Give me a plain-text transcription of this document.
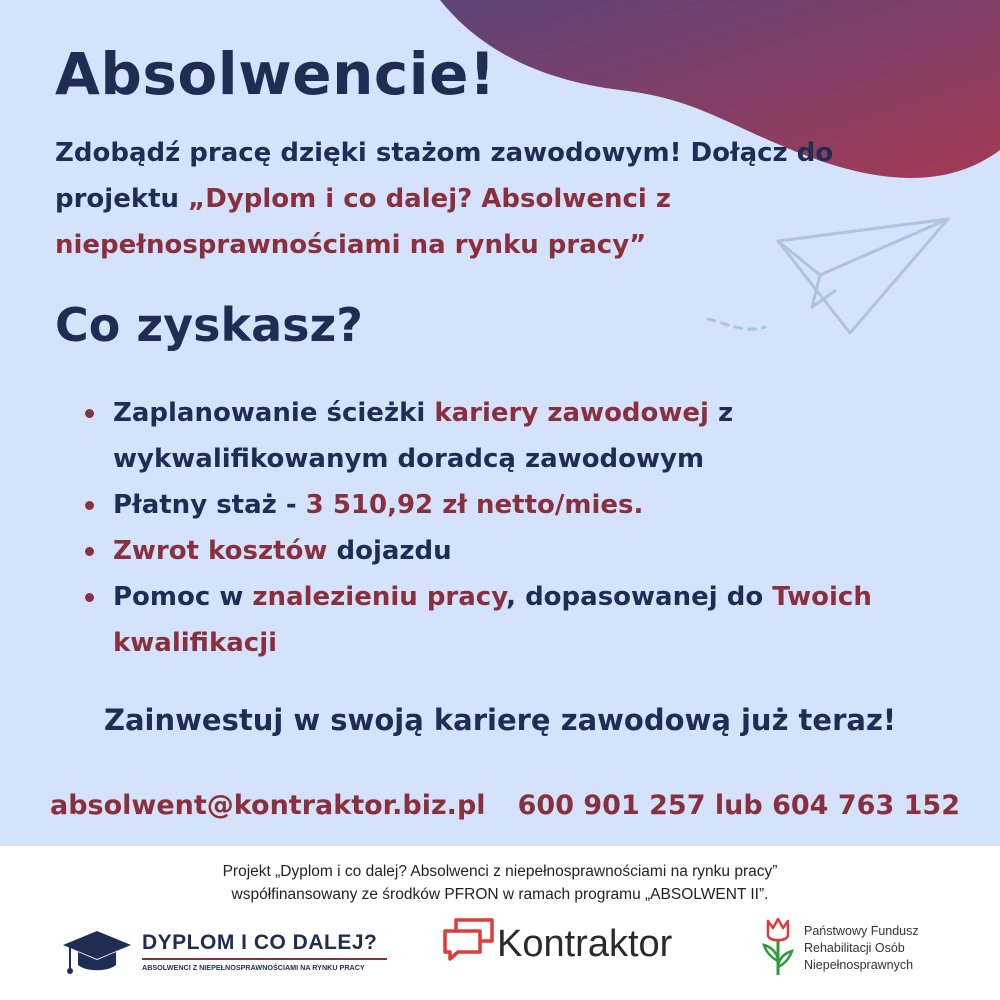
Absolwencie!

Zdobądź pracę dzięki stażom zawodowym! Dołącz do projektu „Dyplom i co dalej? Absolwenci z niepełnosprawnościami na rynku pracy”

Co zyskasz?
Zaplanowanie ścieżki kariery zawodowej z wykwalifikowanym doradcą zawodowym
Płatny staż - 3 510,92 zł netto/mies.
Zwrot kosztów dojazdu
Pomoc w znalezieniu pracy, dopasowanej do Twoich kwalifikacji

Zainwestuj w swoją karierę zawodową już teraz!

absolwent@kontraktor.biz.pl 600 901 257 lub 604 763 152

Projekt „Dyplom i co dalej? Absolwenci z niepełnosprawnościami na rynku pracy”
współfinansowany ze środków PFRON w ramach programu „ABSOLWENT II”.

DYPLOM I CO DALEJ?

ABSOLWENCI Z NIEPEŁNOSPRAWNOŚCIAMI NA RYNKU PRACY

Kontraktor	Państwowy Fundusz
Rehabilitacji Osób
Niepełnosprawnych
